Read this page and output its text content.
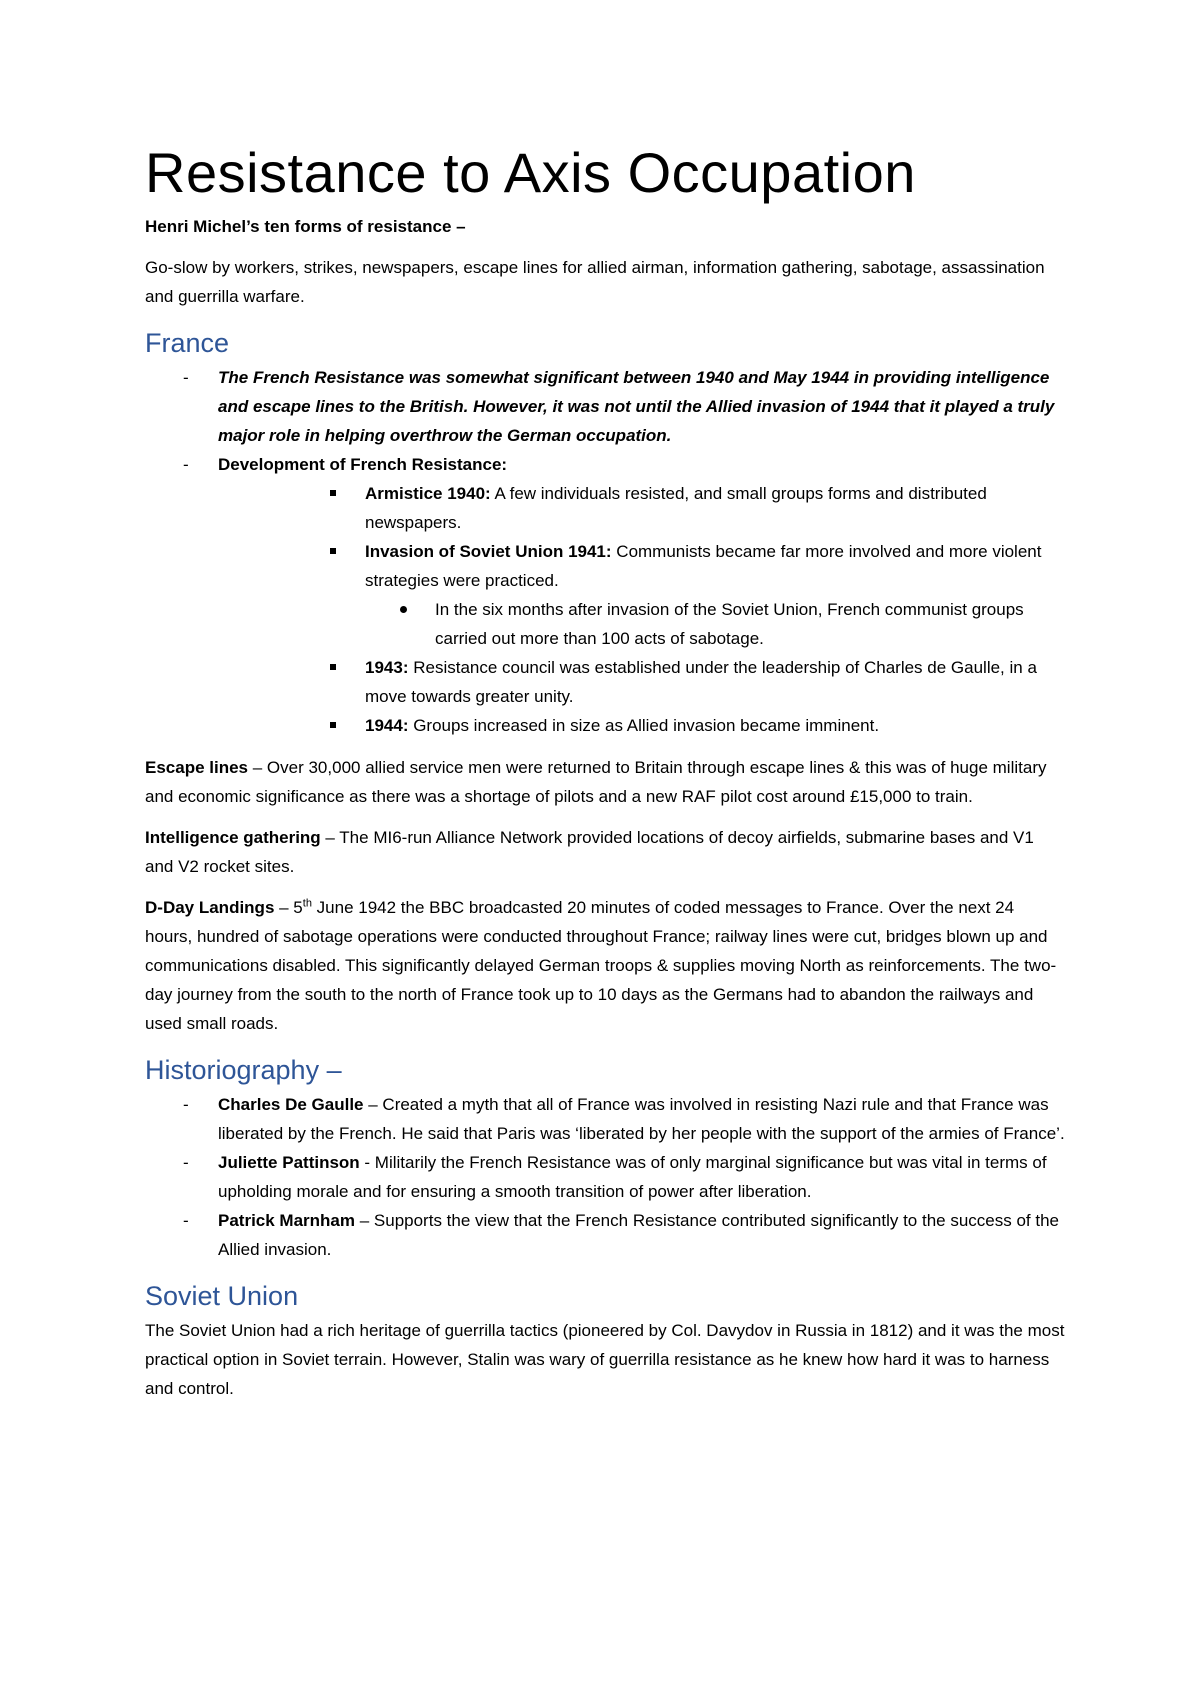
Resistance to Axis Occupation

Henri Michel’s ten forms of resistance –

Go-slow by workers, strikes, newspapers, escape lines for allied airman, information gathering, sabotage, assassination and guerrilla warfare.

France
- The French Resistance was somewhat significant between 1940 and May 1944 in providing intelligence and escape lines to the British. However, it was not until the Allied invasion of 1944 that it played a truly major role in helping overthrow the German occupation.
- Development of French Resistance:
Armistice 1940: A few individuals resisted, and small groups forms and distributed newspapers.
Invasion of Soviet Union 1941: Communists became far more involved and more violent strategies were practiced.
In the six months after invasion of the Soviet Union, French communist groups carried out more than 100 acts of sabotage.
1943: Resistance council was established under the leadership of Charles de Gaulle, in a move towards greater unity.
1944: Groups increased in size as Allied invasion became imminent.

Escape lines – Over 30,000 allied service men were returned to Britain through escape lines & this was of huge military and economic significance as there was a shortage of pilots and a new RAF pilot cost around £15,000 to train.

Intelligence gathering – The MI6-run Alliance Network provided locations of decoy airfields, submarine bases and V1 and V2 rocket sites.

D-Day Landings – 5th June 1942 the BBC broadcasted 20 minutes of coded messages to France. Over the next 24 hours, hundred of sabotage operations were conducted throughout France; railway lines were cut, bridges blown up and communications disabled. This significantly delayed German troops & supplies moving North as reinforcements. The two-day journey from the south to the north of France took up to 10 days as the Germans had to abandon the railways and used small roads.

Historiography –
- Charles De Gaulle – Created a myth that all of France was involved in resisting Nazi rule and that France was liberated by the French. He said that Paris was ‘liberated by her people with the support of the armies of France’.
- Juliette Pattinson - Militarily the French Resistance was of only marginal significance but was vital in terms of upholding morale and for ensuring a smooth transition of power after liberation.
- Patrick Marnham – Supports the view that the French Resistance contributed significantly to the success of the Allied invasion.
Soviet Union

The Soviet Union had a rich heritage of guerrilla tactics (pioneered by Col. Davydov in Russia in 1812) and it was the most practical option in Soviet terrain. However, Stalin was wary of guerrilla resistance as he knew how hard it was to harness and control.
